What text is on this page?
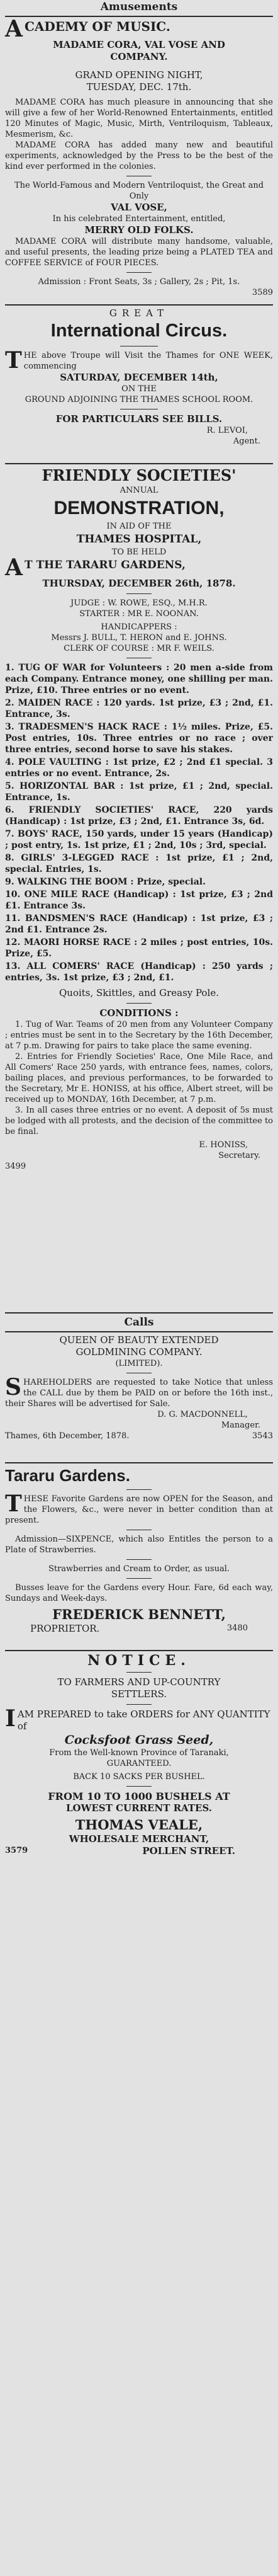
Amusements

A CADEMY OF MUSIC.

MADAME CORA, VAL VOSE AND

COMPANY.

GRAND OPENING NIGHT,

TUESDAY, DEC. 17th.

MADAME CORA has much pleasure in announcing that she will give a few of her World-Renowned Entertainments, entitled 120 Minutes of Magic, Music, Mirth, Ventriloquism, Tableaux, Mesmerism, &c.

MADAME CORA has added many new and beautiful experiments, acknowledged by the Press to be the best of the kind ever performed in the colonies.

The World-Famous and Modern Ventriloquist, the Great and Only

VAL VOSE,

In his celebrated Entertainment, entitled,

MERRY OLD FOLKS.

MADAME CORA will distribute many handsome, valuable, and useful presents, the leading prize being a PLATED TEA and COFFEE SERVICE of FOUR PIECES.

Admission : Front Seats, 3s ; Gallery, 2s ; Pit, 1s.

3589

GREAT

International Circus.

T HE above Troupe will Visit the Thames for ONE WEEK, commencing

SATURDAY, DECEMBER 14th,

ON THE

GROUND ADJOINING THE THAMES SCHOOL ROOM.

FOR PARTICULARS SEE BILLS.

R. LEVOI,

Agent.

FRIENDLY SOCIETIES'

ANNUAL

DEMONSTRATION,

IN AID OF THE

THAMES HOSPITAL,

TO BE HELD

A T THE TARARU GARDENS,

THURSDAY, DECEMBER 26th, 1878.

JUDGE : W. ROWE, ESQ., M.H.R.

STARTER : MR E. NOONAN.

HANDICAPPERS :

Messrs J. BULL, T. HERON and E. JOHNS.

CLERK OF COURSE : MR F. WEILS.

1. TUG OF WAR for Volunteers : 20 men a-side from each Company. Entrance money, one shilling per man. Prize, £10. Three entries or no event.

2. MAIDEN RACE : 120 yards. 1st prize, £3 ; 2nd, £1. Entrance, 3s.

3. TRADESMEN'S HACK RACE : 1½ miles. Prize, £5. Post entries, 10s. Three entries or no race ; over three entries, second horse to save his stakes.

4. POLE VAULTING : 1st prize, £2 ; 2nd £1 special. 3 entries or no event. Entrance, 2s.

5. HORIZONTAL BAR : 1st prize, £1 ; 2nd, special. Entrance, 1s.

6. FRIENDLY SOCIETIES' RACE, 220 yards (Handicap) : 1st prize, £3 ; 2nd, £1. Entrance 3s, 6d.

7. BOYS' RACE, 150 yards, under 15 years (Handicap) ; post entry, 1s. 1st prize, £1 ; 2nd, 10s ; 3rd, special.

8. GIRLS' 3-LEGGED RACE : 1st prize, £1 ; 2nd, special. Entries, 1s.

9. WALKING THE BOOM : Prize, special.

10. ONE MILE RACE (Handicap) : 1st prize, £3 ; 2nd £1. Entrance 3s.

11. BANDSMEN'S RACE (Handicap) : 1st prize, £3 ; 2nd £1. Entrance 2s.

12. MAORI HORSE RACE : 2 miles ; post entries, 10s. Prize, £5.

13. ALL COMERS' RACE (Handicap) : 250 yards ; entries, 3s. 1st prize, £3 ; 2nd, £1.

Quoits, Skittles, and Greasy Pole.

CONDITIONS :

1. Tug of War. Teams of 20 men from any Volunteer Company ; entries must be sent in to the Secretary by the 16th December, at 7 p.m. Drawing for pairs to take place the same evening.

2. Entries for Friendly Societies' Race, One Mile Race, and All Comers' Race 250 yards, with entrance fees, names, colors, bailing places, and previous performances, to be forwarded to the Secretary, Mr E. HONISS, at his office, Albert street, will be received up to MONDAY, 16th December, at 7 p.m.

3. In all cases three entries or no event. A deposit of 5s must be lodged with all protests, and the decision of the committee to be final.

E. HONISS,

Secretary.

3499

Calls

QUEEN OF BEAUTY EXTENDED

GOLDMINING COMPANY.

(LIMITED).

S HAREHOLDERS are requested to take Notice that unless the CALL due by them be PAID on or before the 16th inst., their Shares will be advertised for Sale.

D. G. MACDONNELL,

Manager.

Thames, 6th December, 1878.	3543

Tararu Gardens.

T HESE Favorite Gardens are now OPEN for the Season, and the Flowers, &c., were never in better condition than at present.

Admission—SIXPENCE, which also Entitles the person to a Plate of Strawberries.

Strawberries and Cream to Order, as usual.

Busses leave for the Gardens every Hour. Fare, 6d each way, Sundays and Week-days.

FREDERICK BENNETT,

PROPRIETOR.	3480

NOTICE.

TO FARMERS AND UP-COUNTRY

SETTLERS.

I AM PREPARED to take ORDERS for ANY QUANTITY of

Cocksfoot Grass Seed,

From the Well-known Province of Taranaki,

GUARANTEED.

BACK 10 SACKS PER BUSHEL.

FROM 10 TO 1000 BUSHELS AT

LOWEST CURRENT RATES.

THOMAS VEALE,

WHOLESALE MERCHANT,

3579	POLLEN STREET.
